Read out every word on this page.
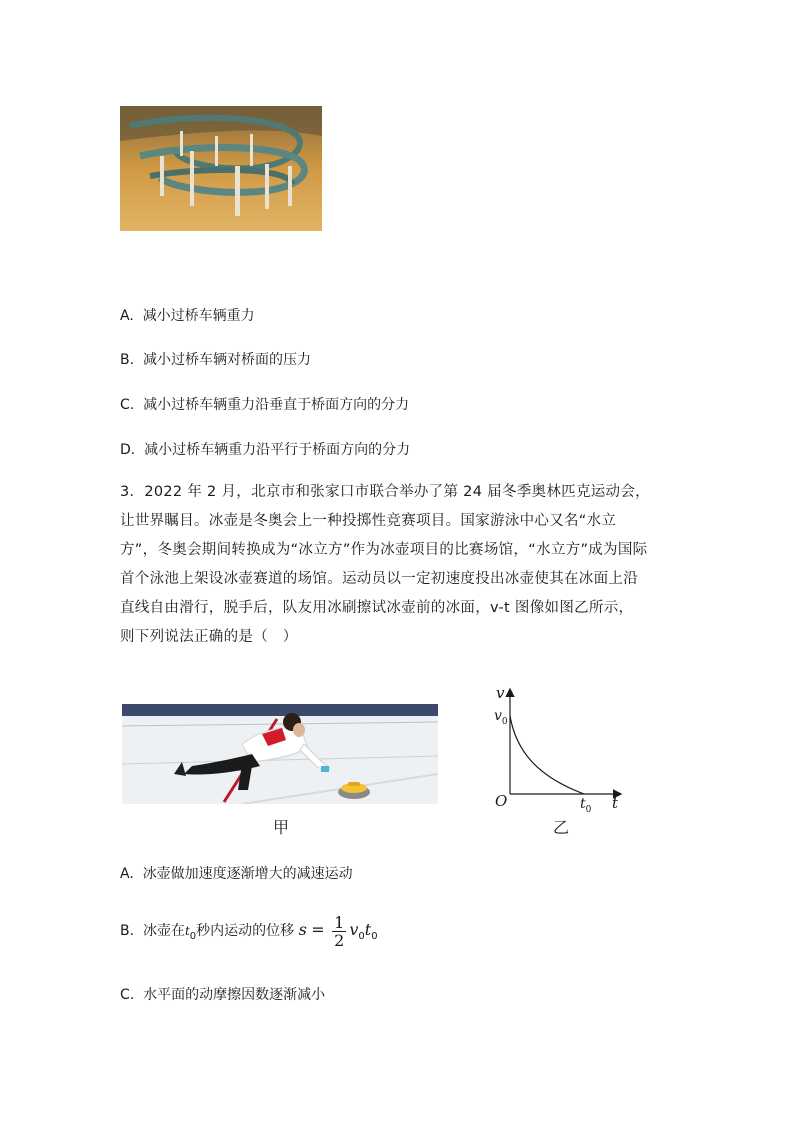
A. 减小过桥车辆重力
B. 减小过桥车辆对桥面的压力
C. 减小过桥车辆重力沿垂直于桥面方向的分力
D. 减小过桥车辆重力沿平行于桥面方向的分力
3．2022 年 2 月，北京市和张家口市联合举办了第 24 届冬季奥林匹克运动会，
让世界瞩目。冰壶是冬奥会上一种投掷性竞赛项目。国家游泳中心又名“水立
方”，冬奥会期间转换成为“冰立方”作为冰壶项目的比赛场馆，“水立方”成为国际
首个泳池上架设冰壶赛道的场馆。运动员以一定初速度投出冰壶使其在冰面上沿
直线自由滑行，脱手后，队友用冰刷擦试冰壶前的冰面，v-t 图像如图乙所示，
则下列说法正确的是（　）
甲
v
$v_0$
O	$t_0$ t
乙
A. 冰壶做加速度逐渐增大的减速运动
B. 冰壶在$t_0$秒内运动的位移 $s = \frac{1}{2} v_0t_0$
C. 水平面的动摩擦因数逐渐减小
